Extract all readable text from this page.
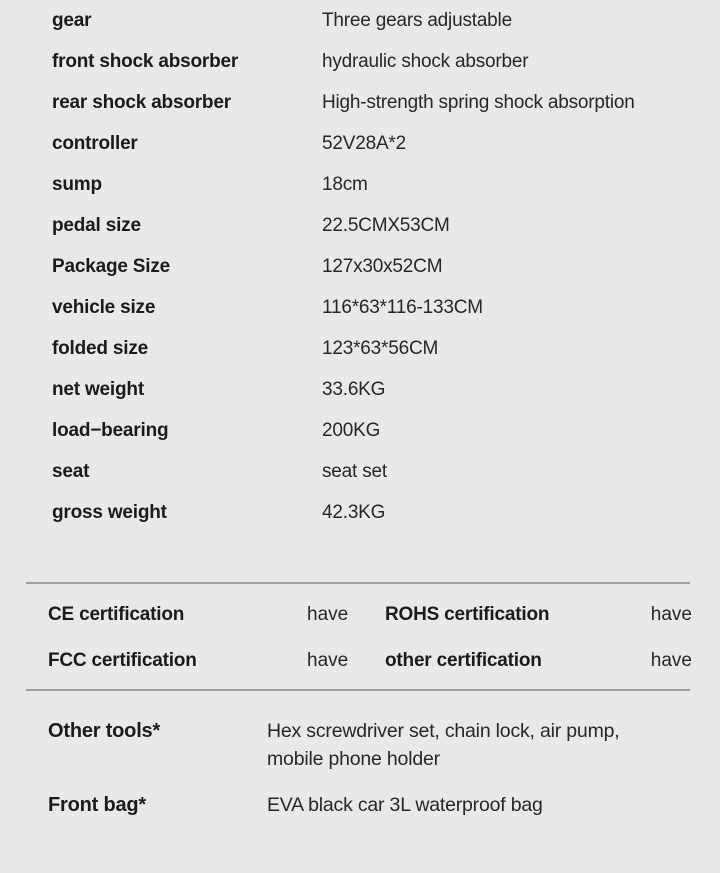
gear	Three gears adjustable
front shock absorber	hydraulic shock absorber
rear shock absorber	High-strength spring shock absorption
controller	52V28A*2
sump	18cm
pedal size	22.5CMX53CM
Package Size	127x30x52CM
vehicle size	116*63*116-133CM
folded size	123*63*56CM
net weight	33.6KG
load−bearing	200KG
seat	seat set
gross weight	42.3KG
CE certification	have	ROHS certification	have
FCC certification	have	other certification	have
Other tools*	Hex screwdriver set, chain lock, air pump, mobile phone holder
Front bag*	EVA black car 3L waterproof bag
